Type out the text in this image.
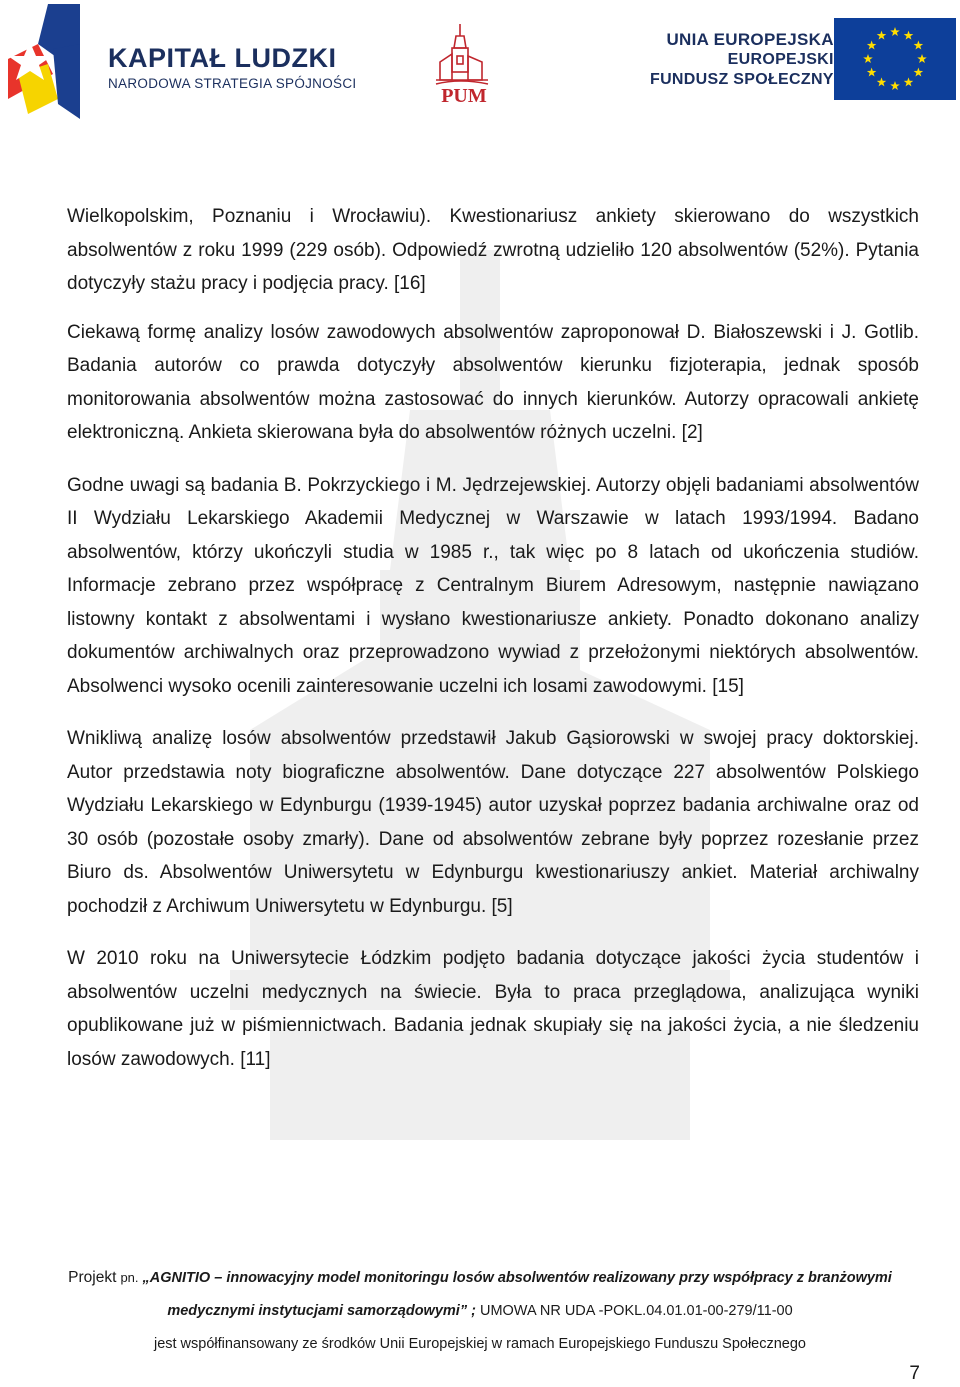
KAPITAŁ LUDZKI
NARODOWA STRATEGIA SPÓJNOŚCI
PUM
UNIA EUROPEJSKA
EUROPEJSKI
FUNDUSZ SPOŁECZNY

Wielkopolskim, Poznaniu i Wrocławiu). Kwestionariusz ankiety skierowano do wszystkich absolwentów z roku 1999 (229 osób). Odpowiedź zwrotną udzieliło 120 absolwentów (52%). Pytania dotyczyły stażu pracy i podjęcia pracy. [16]

Ciekawą formę analizy losów zawodowych absolwentów zaproponował D. Białoszewski i J. Gotlib. Badania autorów co prawda dotyczyły absolwentów kierunku fizjoterapia, jednak sposób monitorowania absolwentów można zastosować do innych kierunków. Autorzy opracowali ankietę elektroniczną. Ankieta skierowana była do absolwentów różnych uczelni. [2]

Godne uwagi są badania B. Pokrzyckiego i M. Jędrzejewskiej. Autorzy objęli badaniami absolwentów II Wydziału Lekarskiego Akademii Medycznej w Warszawie w latach 1993/1994. Badano absolwentów, którzy ukończyli studia w 1985 r., tak więc po 8 latach od ukończenia studiów. Informacje zebrano przez współpracę z Centralnym Biurem Adresowym, następnie nawiązano listowny kontakt z absolwentami i wysłano kwestionariusze ankiety. Ponadto dokonano analizy dokumentów archiwalnych oraz przeprowadzono wywiad z przełożonymi niektórych absolwentów. Absolwenci wysoko ocenili zainteresowanie uczelni ich losami zawodowymi. [15]

Wnikliwą analizę losów absolwentów przedstawił Jakub Gąsiorowski w swojej pracy doktorskiej. Autor przedstawia noty biograficzne absolwentów. Dane dotyczące 227 absolwentów Polskiego Wydziału Lekarskiego w Edynburgu (1939-1945) autor uzyskał poprzez badania archiwalne oraz od 30 osób (pozostałe osoby zmarły). Dane od absolwentów zebrane były poprzez rozesłanie przez Biuro ds. Absolwentów Uniwersytetu w Edynburgu kwestionariuszy ankiet. Materiał archiwalny pochodził z Archiwum Uniwersytetu w Edynburgu. [5]

W 2010 roku na Uniwersytecie Łódzkim podjęto badania dotyczące jakości życia studentów i absolwentów uczelni medycznych na świecie. Była to praca przeglądowa, analizująca wyniki opublikowane już w piśmiennictwach. Badania jednak skupiały się na jakości życia, a nie śledzeniu losów zawodowych. [11]

Projekt pn. „AGNITIO – innowacyjny model monitoringu losów absolwentów realizowany przy współpracy z branżowymi
medycznymi instytucjami samorządowymi” ; UMOWA NR UDA -POKL.04.01.01-00-279/11-00
jest współfinansowany ze środków Unii Europejskiej w ramach Europejskiego Funduszu Społecznego
7
